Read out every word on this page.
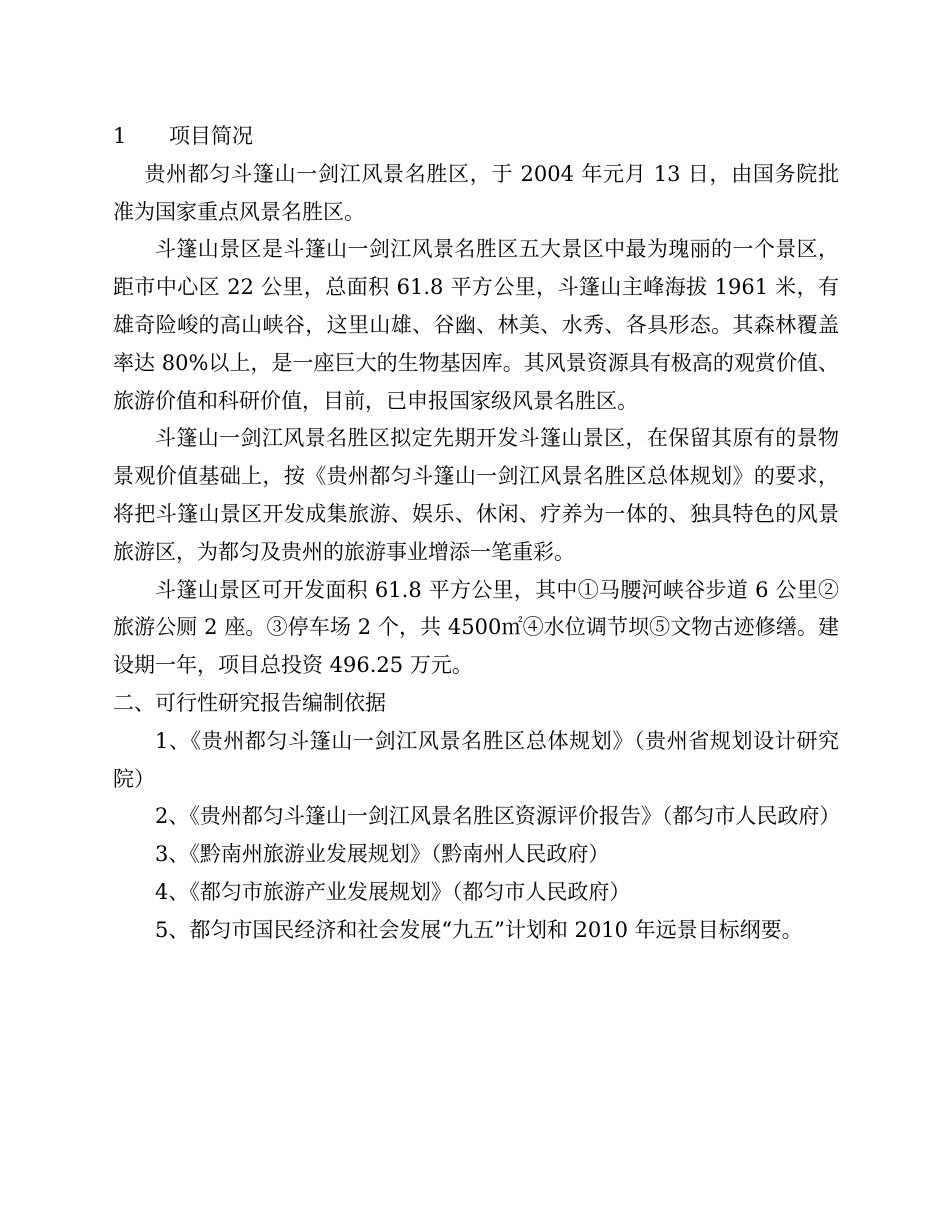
1 项目简况

贵州都匀斗篷山一剑江风景名胜区，于 2004 年元月 13 日，由国务院批准为国家重点风景名胜区。

斗篷山景区是斗篷山一剑江风景名胜区五大景区中最为瑰丽的一个景区，距市中心区 22 公里，总面积 61.8 平方公里，斗篷山主峰海拔 1961 米，有雄奇险峻的高山峡谷，这里山雄、谷幽、林美、水秀、各具形态。其森林覆盖率达 80%以上，是一座巨大的生物基因库。其风景资源具有极高的观赏价值、旅游价值和科研价值，目前，已申报国家级风景名胜区。

斗篷山一剑江风景名胜区拟定先期开发斗篷山景区，在保留其原有的景物景观价值基础上，按《贵州都匀斗篷山一剑江风景名胜区总体规划》的要求，将把斗篷山景区开发成集旅游、娱乐、休闲、疗养为一体的、独具特色的风景旅游区，为都匀及贵州的旅游事业增添一笔重彩。

斗篷山景区可开发面积 61.8 平方公里，其中①马腰河峡谷步道 6 公里②旅游公厕 2 座。③停车场 2 个，共 4500㎡④水位调节坝⑤文物古迹修缮。建设期一年，项目总投资 496.25 万元。

二、可行性研究报告编制依据

1、《贵州都匀斗篷山一剑江风景名胜区总体规划》（贵州省规划设计研究院）

2、《贵州都匀斗篷山一剑江风景名胜区资源评价报告》（都匀市人民政府）

3、《黔南州旅游业发展规划》（黔南州人民政府）

4、《都匀市旅游产业发展规划》（都匀市人民政府）

5、都匀市国民经济和社会发展“九五”计划和 2010 年远景目标纲要。
